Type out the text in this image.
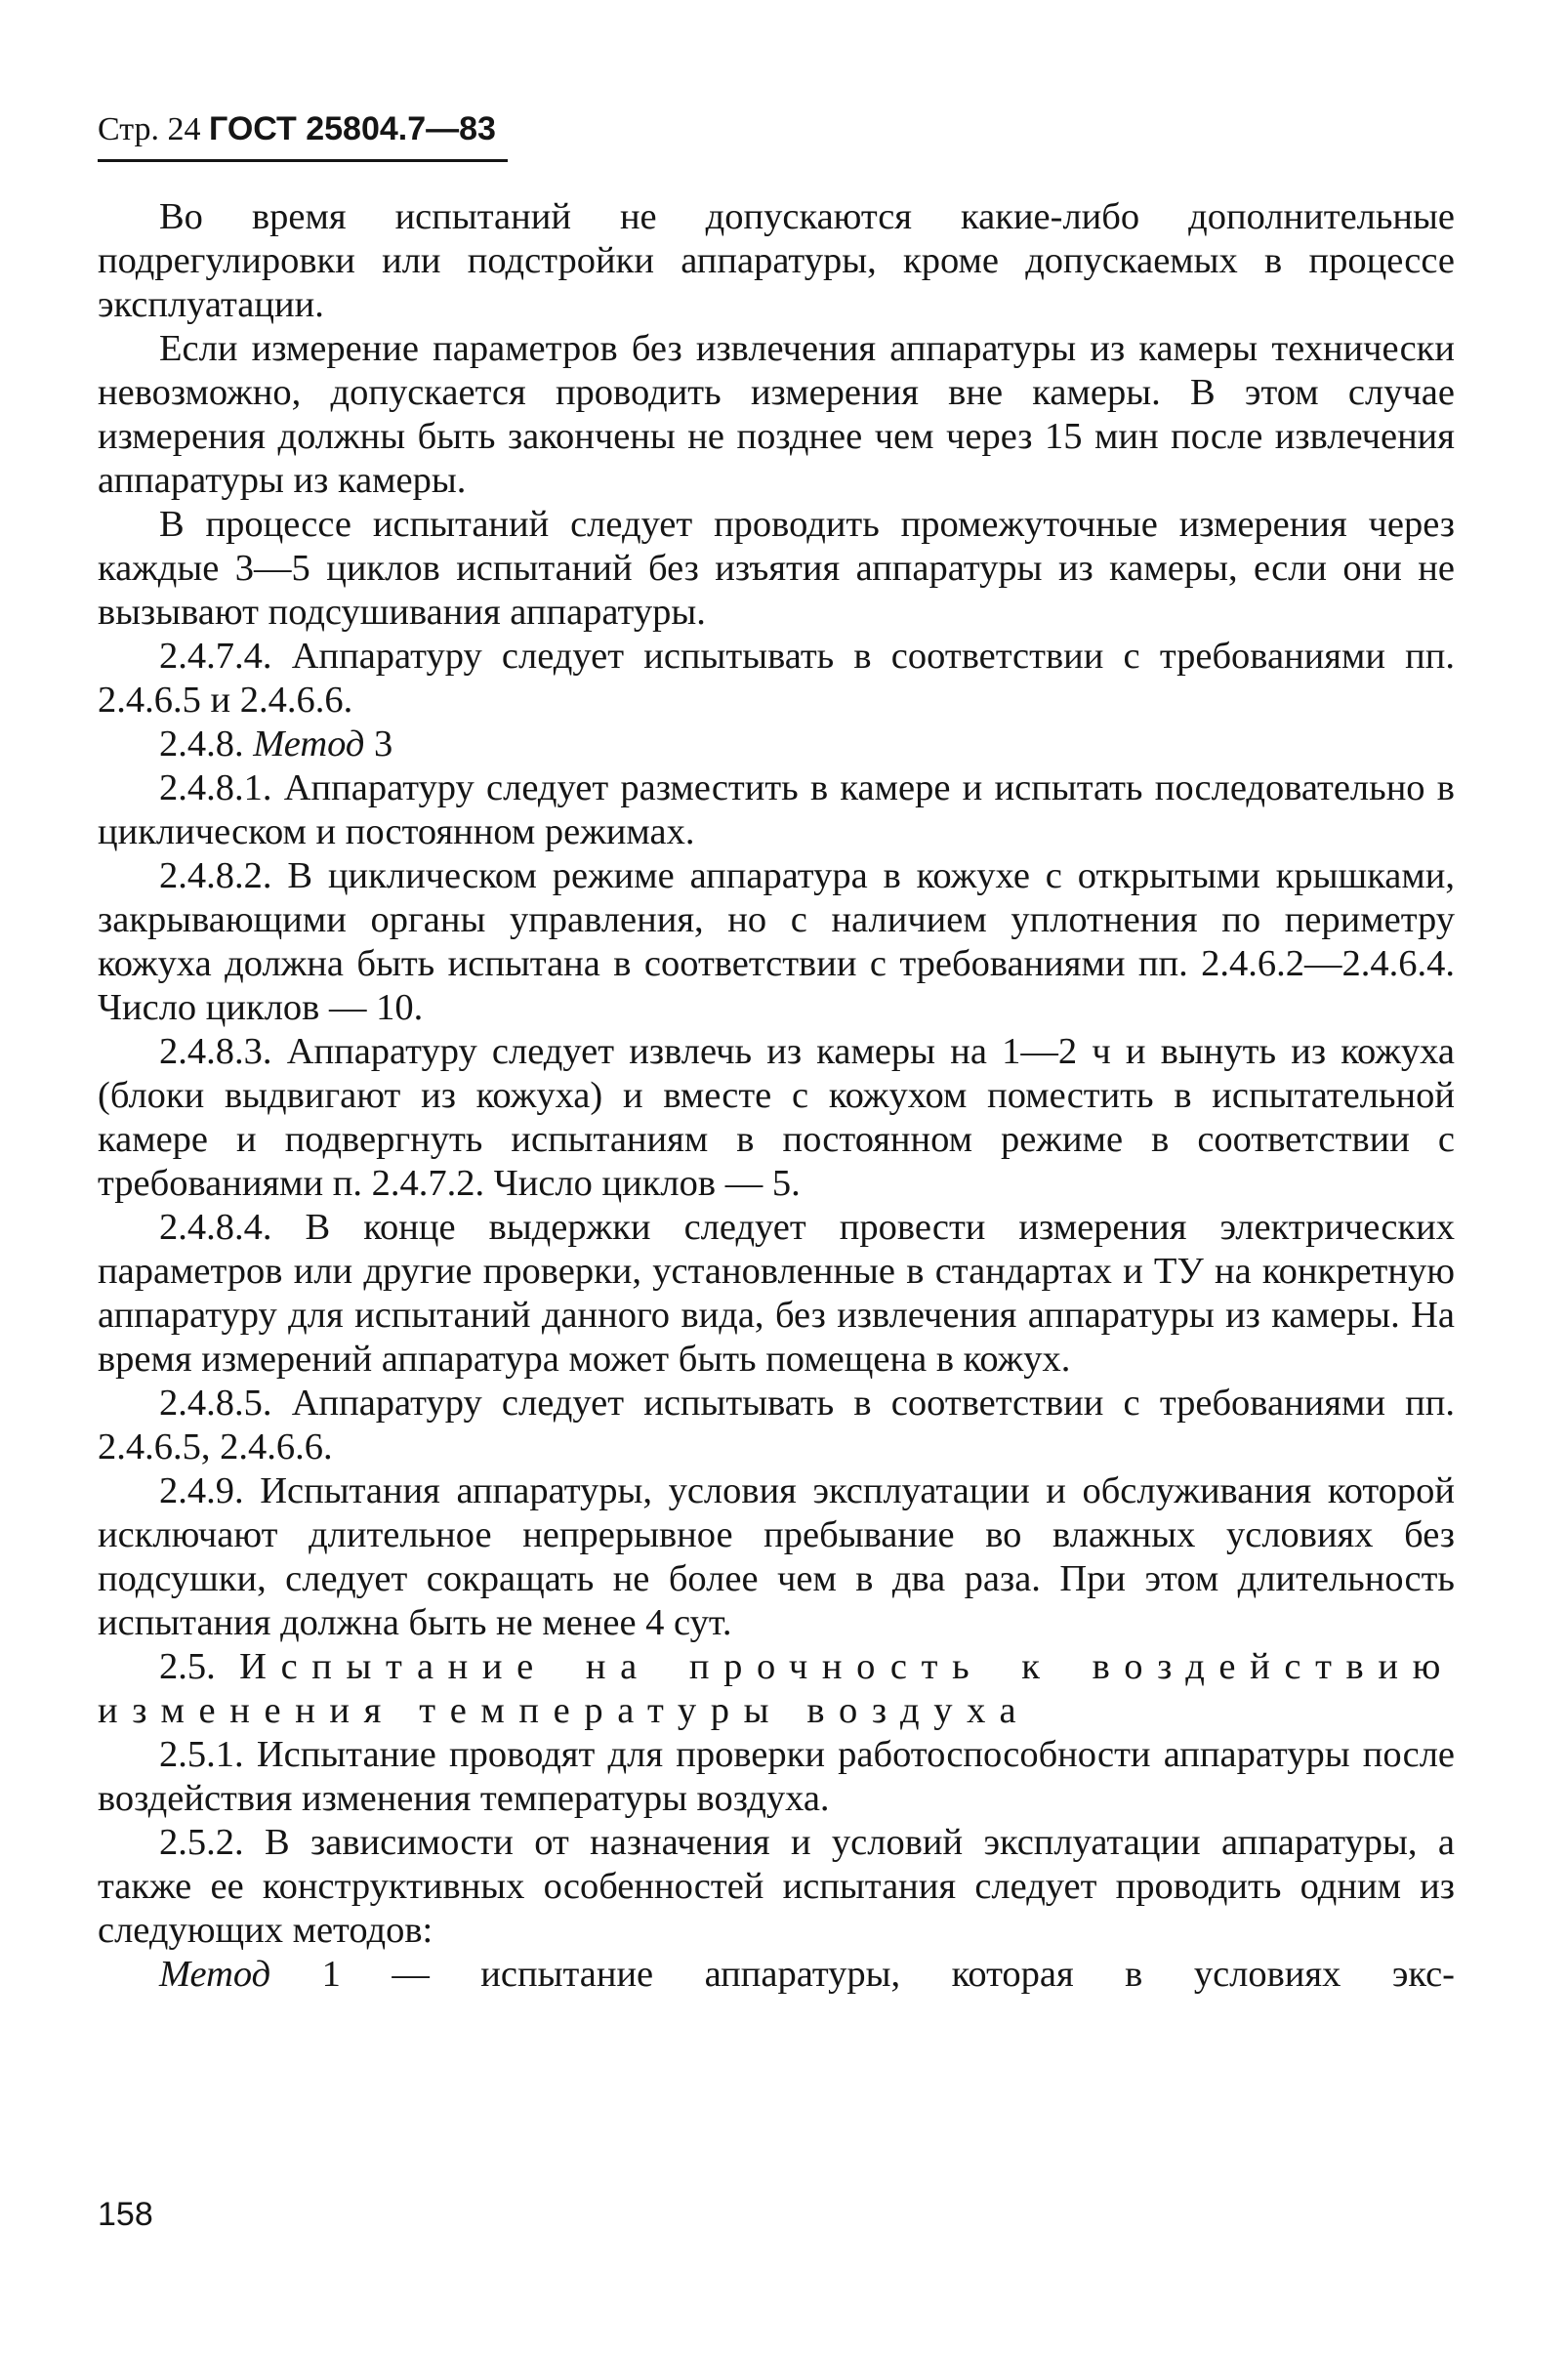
Стр. 24 ГОСТ 25804.7—83

Во время испытаний не допускаются какие-либо дополнительные подрегулировки или подстройки аппаратуры, кроме допускаемых в процессе эксплуатации.

Если измерение параметров без извлечения аппаратуры из камеры технически невозможно, допускается проводить измерения вне камеры. В этом случае измерения должны быть закончены не позднее чем через 15 мин после извлечения аппаратуры из камеры.

В процессе испытаний следует проводить промежуточные измерения через каждые 3—5 циклов испытаний без изъятия аппаратуры из камеры, если они не вызывают подсушивания аппаратуры.

2.4.7.4. Аппаратуру следует испытывать в соответствии с требованиями пп. 2.4.6.5 и 2.4.6.6.

2.4.8. Метод 3

2.4.8.1. Аппаратуру следует разместить в камере и испытать последовательно в циклическом и постоянном режимах.

2.4.8.2. В циклическом режиме аппаратура в кожухе с открытыми крышками, закрывающими органы управления, но с наличием уплотнения по периметру кожуха должна быть испытана в соответствии с требованиями пп. 2.4.6.2—2.4.6.4. Число циклов — 10.

2.4.8.3. Аппаратуру следует извлечь из камеры на 1—2 ч и вынуть из кожуха (блоки выдвигают из кожуха) и вместе с кожухом поместить в испытательной камере и подвергнуть испытаниям в постоянном режиме в соответствии с требованиями п. 2.4.7.2. Число циклов — 5.

2.4.8.4. В конце выдержки следует провести измерения электрических параметров или другие проверки, установленные в стандартах и ТУ на конкретную аппаратуру для испытаний данного вида, без извлечения аппаратуры из камеры. На время измерений аппаратура может быть помещена в кожух.

2.4.8.5. Аппаратуру следует испытывать в соответствии с требованиями пп. 2.4.6.5, 2.4.6.6.

2.4.9. Испытания аппаратуры, условия эксплуатации и обслуживания которой исключают длительное непрерывное пребывание во влажных условиях без подсушки, следует сокращать не более чем в два раза. При этом длительность испытания должна быть не менее 4 сут.

2.5. Испытание на прочность к воздействию изменения температуры воздуха

2.5.1. Испытание проводят для проверки работоспособности аппаратуры после воздействия изменения температуры воздуха.

2.5.2. В зависимости от назначения и условий эксплуатации аппаратуры, а также ее конструктивных особенностей испытания следует проводить одним из следующих методов:

Метод 1 — испытание аппаратуры, которая в условиях экс-

158
